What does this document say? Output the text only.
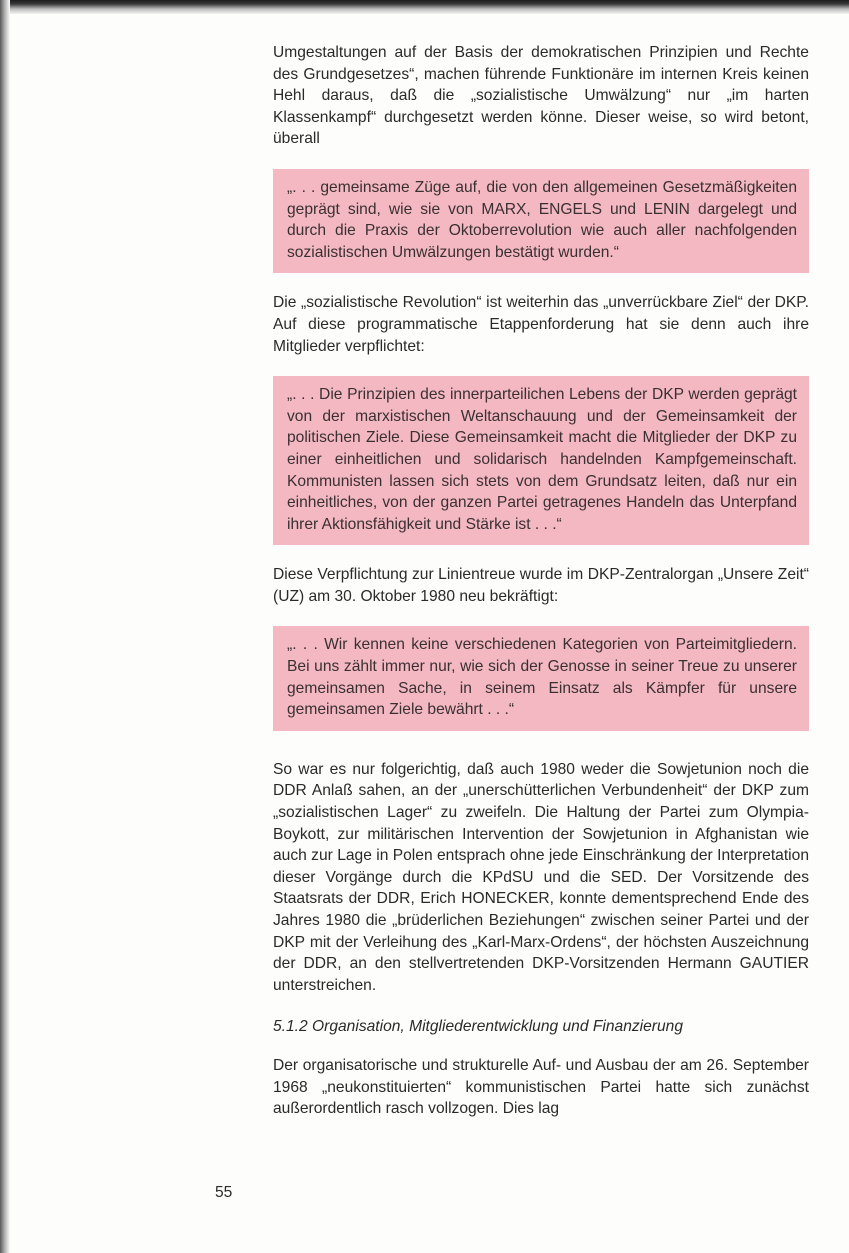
Umgestaltungen auf der Basis der demokratischen Prinzipien und Rechte des Grundgesetzes“, machen führende Funktionäre im internen Kreis keinen Hehl daraus, daß die „sozialistische Umwälzung“ nur „im harten Klassenkampf“ durchgesetzt werden könne. Dieser weise, so wird betont, überall

„. . . gemeinsame Züge auf, die von den allgemeinen Gesetzmäßigkeiten geprägt sind, wie sie von MARX, ENGELS und LENIN dargelegt und durch die Praxis der Oktoberrevolution wie auch aller nachfolgenden sozialistischen Umwälzungen bestätigt wurden.“

Die „sozialistische Revolution“ ist weiterhin das „unverrückbare Ziel“ der DKP. Auf diese programmatische Etappenforderung hat sie denn auch ihre Mitglieder verpflichtet:

„. . . Die Prinzipien des innerparteilichen Lebens der DKP werden geprägt von der marxistischen Weltanschauung und der Gemeinsamkeit der politischen Ziele. Diese Gemeinsamkeit macht die Mitglieder der DKP zu einer einheitlichen und solidarisch handelnden Kampfgemeinschaft. Kommunisten lassen sich stets von dem Grundsatz leiten, daß nur ein einheitliches, von der ganzen Partei getragenes Handeln das Unterpfand ihrer Aktionsfähigkeit und Stärke ist . . .“

Diese Verpflichtung zur Linientreue wurde im DKP-Zentralorgan „Unsere Zeit“ (UZ) am 30. Oktober 1980 neu bekräftigt:

„. . . Wir kennen keine verschiedenen Kategorien von Parteimitgliedern. Bei uns zählt immer nur, wie sich der Genosse in seiner Treue zu unserer gemeinsamen Sache, in seinem Einsatz als Kämpfer für unsere gemeinsamen Ziele bewährt . . .“

So war es nur folgerichtig, daß auch 1980 weder die Sowjetunion noch die DDR Anlaß sahen, an der „unerschütterlichen Verbundenheit“ der DKP zum „sozialistischen Lager“ zu zweifeln. Die Haltung der Partei zum Olympia-Boykott, zur militärischen Intervention der Sowjetunion in Afghanistan wie auch zur Lage in Polen entsprach ohne jede Einschränkung der Interpretation dieser Vorgänge durch die KPdSU und die SED. Der Vorsitzende des Staatsrats der DDR, Erich HONECKER, konnte dementsprechend Ende des Jahres 1980 die „brüderlichen Beziehungen“ zwischen seiner Partei und der DKP mit der Verleihung des „Karl-Marx-Ordens“, der höchsten Auszeichnung der DDR, an den stellvertretenden DKP-Vorsitzenden Hermann GAUTIER unterstreichen.

5.1.2 Organisation, Mitgliederentwicklung und Finanzierung

Der organisatorische und strukturelle Auf- und Ausbau der am 26. September 1968 „neukonstituierten“ kommunistischen Partei hatte sich zunächst außerordentlich rasch vollzogen. Dies lag

55
